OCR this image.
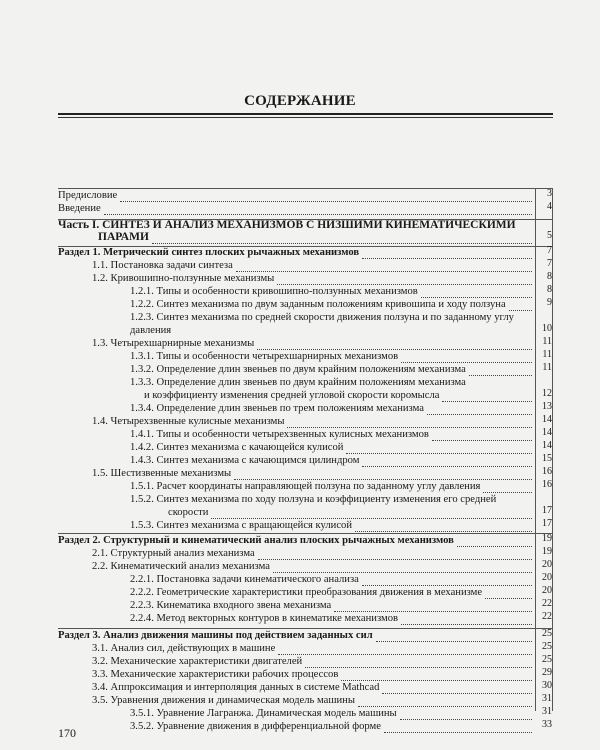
СОДЕРЖАНИЕ
Предисловие	3
Введение	4
Часть I. СИНТЕЗ И АНАЛИЗ МЕХАНИЗМОВ С НИЗШИМИ КИНЕМАТИЧЕСКИМИ
ПАРАМИ	5
Раздел 1. Метрический синтез плоских рычажных механизмов	7
1.1. Постановка задачи синтеза	7
1.2. Кривошипно-ползунные механизмы	8
1.2.1. Типы и особенности кривошипно-ползунных механизмов	8
1.2.2. Синтез механизма по двум заданным положениям кривошипа и ходу ползуна	9
1.2.3. Синтез механизма по средней скорости движения ползуна и по заданному углу
давления	10
1.3. Четырехшарнирные механизмы	11
1.3.1. Типы и особенности четырехшарнирных механизмов	11
1.3.2. Определение длин звеньев по двум крайним положениям механизма	11
1.3.3. Определение длин звеньев по двум крайним положениям механизма
и коэффициенту изменения средней угловой скорости коромысла	12
1.3.4. Определение длин звеньев по трем положениям механизма	13
1.4. Четырехзвенные кулисные механизмы	14
1.4.1. Типы и особенности четырехзвенных кулисных механизмов	14
1.4.2. Синтез механизма с качающейся кулисой	14
1.4.3. Синтез механизма с качающимся цилиндром	15
1.5. Шестизвенные механизмы	16
1.5.1. Расчет координаты направляющей ползуна по заданному углу давления	16
1.5.2. Синтез механизма по ходу ползуна и коэффициенту изменения его средней
скорости	17
1.5.3. Синтез механизма с вращающейся кулисой	17
Раздел 2. Структурный и кинематический анализ плоских рычажных механизмов	19
2.1. Структурный анализ механизма	19
2.2. Кинематический анализ механизма	20
2.2.1. Постановка задачи кинематического анализа	20
2.2.2. Геометрические характеристики преобразования движения в механизме	20
2.2.3. Кинематика входного звена механизма	22
2.2.4. Метод векторных контуров в кинематике механизмов	22
Раздел 3. Анализ движения машины под действием заданных сил	25
3.1. Анализ сил, действующих в машине	25
3.2. Механические характеристики двигателей	25
3.3. Механические характеристики рабочих процессов	29
3.4. Аппроксимация и интерполяция данных в системе Mathcad	30
3.5. Уравнения движения и динамическая модель машины	31
3.5.1. Уравнение Лагранжа. Динамическая модель машины	31
3.5.2. Уравнение движения в дифференциальной форме	33
170
